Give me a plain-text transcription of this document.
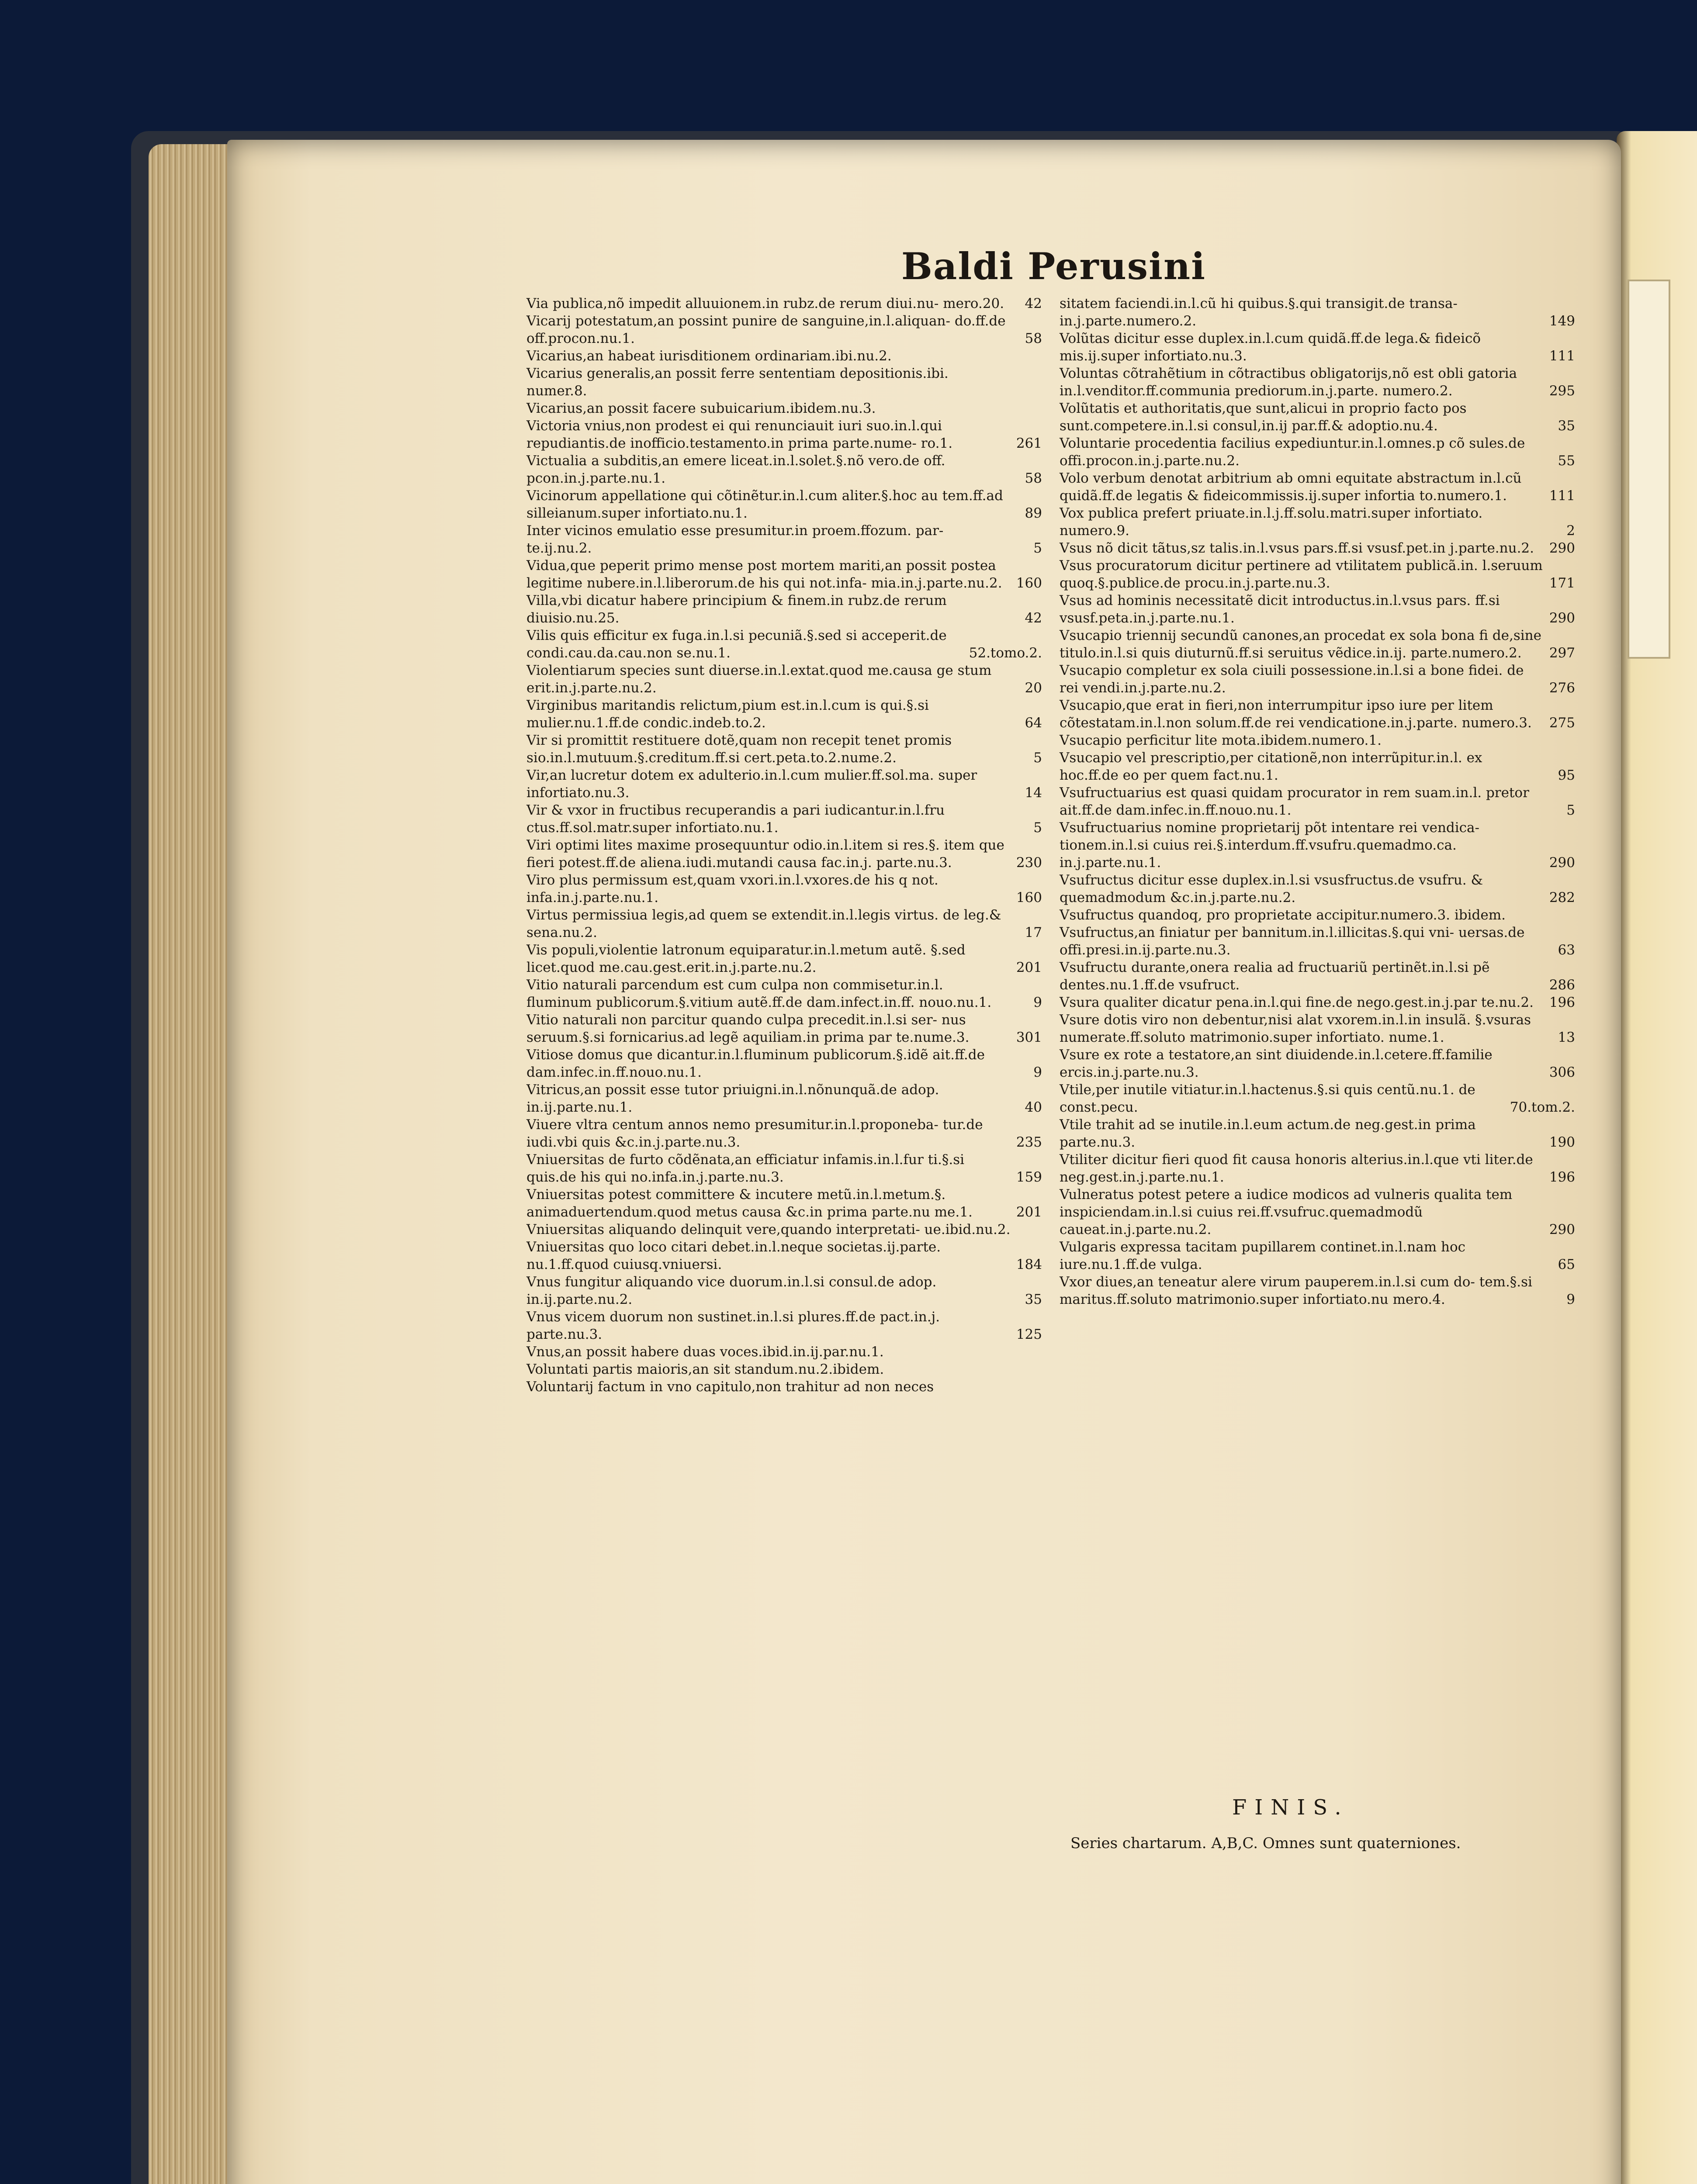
Baldi Perusini
Via publica,nõ impedit alluuionem.in rubz.de rerum diui.nu- mero.20. 42
Vicarij potestatum,an possint punire de sanguine,in.l.aliquan- do.ff.de off.procon.nu.1.	58
Vicarius,an habeat iurisditionem ordinariam.ibi.nu.2.
Vicarius generalis,an possit ferre sententiam depositionis.ibi. numer.8.
Vicarius,an possit facere subuicarium.ibidem.nu.3.
Victoria vnius,non prodest ei qui renunciauit iuri suo.in.l.qui repudiantis.de inofficio.testamento.in prima parte.nume- ro.1.	261
Victualia a subditis,an emere liceat.in.l.solet.§.nõ vero.de off. pcon.in.j.parte.nu.1.	58
Vicinorum appellatione qui cõtinẽtur.in.l.cum aliter.§.hoc au tem.ff.ad silleianum.super infortiato.nu.1.	89
Inter vicinos emulatio esse presumitur.in proem.ffozum. par- te.ij.nu.2.	5
Vidua,que peperit primo mense post mortem mariti,an possit postea legitime nubere.in.l.liberorum.de his qui not.infa- mia.in.j.parte.nu.2. 160
Villa,vbi dicatur habere principium & finem.in rubz.de rerum diuisio.nu.25.	42
Vilis quis efficitur ex fuga.in.l.si pecuniã.§.sed si acceperit.de condi.cau.da.cau.non se.nu.1.	52.tomo.2.
Violentiarum species sunt diuerse.in.l.extat.quod me.causa ge stum erit.in.j.parte.nu.2.	20
Virginibus maritandis relictum,pium est.in.l.cum is qui.§.si mulier.nu.1.ff.de condic.indeb.to.2.	64
Vir si promittit restituere dotẽ,quam non recepit tenet promis sio.in.l.mutuum.§.creditum.ff.si cert.peta.to.2.nume.2.	5
Vir,an lucretur dotem ex adulterio.in.l.cum mulier.ff.sol.ma. super infortiato.nu.3.	14
Vir & vxor in fructibus recuperandis a pari iudicantur.in.l.fru ctus.ff.sol.matr.super infortiato.nu.1.	5
Viri optimi lites maxime prosequuntur odio.in.l.item si res.§. item que fieri potest.ff.de aliena.iudi.mutandi causa fac.in.j. parte.nu.3.	230
Viro plus permissum est,quam vxori.in.l.vxores.de his q not. infa.in.j.parte.nu.1.	160
Virtus permissiua legis,ad quem se extendit.in.l.legis virtus. de leg.& sena.nu.2.	17
Vis populi,violentie latronum equiparatur.in.l.metum autẽ. §.sed licet.quod me.cau.gest.erit.in.j.parte.nu.2.	201
Vitio naturali parcendum est cum culpa non commisetur.in.l. fluminum publicorum.§.vitium autẽ.ff.de dam.infect.in.ff. nouo.nu.1.	9
Vitio naturali non parcitur quando culpa precedit.in.l.si ser- nus seruum.§.si fornicarius.ad legẽ aquiliam.in prima par te.nume.3.	301
Vitiose domus que dicantur.in.l.fluminum publicorum.§.idẽ ait.ff.de dam.infec.in.ff.nouo.nu.1.	9
Vitricus,an possit esse tutor priuigni.in.l.nõnunquã.de adop. in.ij.parte.nu.1.	40
Viuere vltra centum annos nemo presumitur.in.l.proponeba- tur.de iudi.vbi quis &c.in.j.parte.nu.3.	235
Vniuersitas de furto cõdẽnata,an efficiatur infamis.in.l.fur ti.§.si quis.de his qui no.infa.in.j.parte.nu.3.	159
Vniuersitas potest committere & incutere metũ.in.l.metum.§. animaduertendum.quod metus causa &c.in prima parte.nu me.1.	201
Vniuersitas aliquando delinquit vere,quando interpretati- ue.ibid.nu.2.
Vniuersitas quo loco citari debet.in.l.neque societas.ij.parte. nu.1.ff.quod cuiusq.vniuersi.	184
Vnus fungitur aliquando vice duorum.in.l.si consul.de adop. in.ij.parte.nu.2.	35
Vnus vicem duorum non sustinet.in.l.si plures.ff.de pact.in.j. parte.nu.3.	125
Vnus,an possit habere duas voces.ibid.in.ij.par.nu.1.
Voluntati partis maioris,an sit standum.nu.2.ibidem.
Voluntarij factum in vno capitulo,non trahitur ad non neces
sitatem faciendi.in.l.cũ hi quibus.§.qui transigit.de transa- in.j.parte.numero.2.	149
Volũtas dicitur esse duplex.in.l.cum quidã.ff.de lega.& fideicõ mis.ij.super infortiato.nu.3.	111
Voluntas cõtrahẽtium in cõtractibus obligatorijs,nõ est obli gatoria in.l.venditor.ff.communia prediorum.in.j.parte. numero.2.	295
Volũtatis et authoritatis,que sunt,alicui in proprio facto pos sunt.competere.in.l.si consul,in.ij par.ff.& adoptio.nu.4.	35
Voluntarie procedentia facilius expediuntur.in.l.omnes.p cõ sules.de offi.procon.in.j.parte.nu.2.	55
Volo verbum denotat arbitrium ab omni equitate abstractum in.l.cũ quidã.ff.de legatis & fideicommissis.ij.super infortia to.numero.1.	111
Vox publica prefert priuate.in.l.j.ff.solu.matri.super infortiato. numero.9.	2
Vsus nõ dicit tãtus,sz talis.in.l.vsus pars.ff.si vsusf.pet.in j.parte.nu.2. 290
Vsus procuratorum dicitur pertinere ad vtilitatem publicã.in. l.seruum quoq.§.publice.de procu.in.j.parte.nu.3.	171
Vsus ad hominis necessitatẽ dicit introductus.in.l.vsus pars. ff.si vsusf.peta.in.j.parte.nu.1.	290
Vsucapio triennij secundũ canones,an procedat ex sola bona fi de,sine titulo.in.l.si quis diuturnũ.ff.si seruitus vẽdice.in.ij. parte.numero.2. 297
Vsucapio completur ex sola ciuili possessione.in.l.si a bone fidei. de rei vendi.in.j.parte.nu.2.	276
Vsucapio,que erat in fieri,non interrumpitur ipso iure per litem cõtestatam.in.l.non solum.ff.de rei vendicatione.in.j.parte. numero.3. 275
Vsucapio perficitur lite mota.ibidem.numero.1.
Vsucapio vel prescriptio,per citationẽ,non interrũpitur.in.l. ex hoc.ff.de eo per quem fact.nu.1.	95
Vsufructuarius est quasi quidam procurator in rem suam.in.l. pretor ait.ff.de dam.infec.in.ff.nouo.nu.1.	5
Vsufructuarius nomine proprietarij põt intentare rei vendica- tionem.in.l.si cuius rei.§.interdum.ff.vsufru.quemadmo.ca. in.j.parte.nu.1.	290
Vsufructus dicitur esse duplex.in.l.si vsusfructus.de vsufru. & quemadmodum &c.in.j.parte.nu.2.	282
Vsufructus quandoq, pro proprietate accipitur.numero.3. ibidem.
Vsufructus,an finiatur per bannitum.in.l.illicitas.§.qui vni- uersas.de offi.presi.in.ij.parte.nu.3.	63
Vsufructu durante,onera realia ad fructuariũ pertinẽt.in.l.si pẽ dentes.nu.1.ff.de vsufruct.	286
Vsura qualiter dicatur pena.in.l.qui fine.de nego.gest.in.j.par te.nu.2. 196
Vsure dotis viro non debentur,nisi alat vxorem.in.l.in insulã. §.vsuras numerate.ff.soluto matrimonio.super infortiato. nume.1.	13
Vsure ex rote a testatore,an sint diuidende.in.l.cetere.ff.familie ercis.in.j.parte.nu.3.	306
Vtile,per inutile vitiatur.in.l.hactenus.§.si quis centũ.nu.1. de const.pecu.	70.tom.2.
Vtile trahit ad se inutile.in.l.eum actum.de neg.gest.in prima parte.nu.3.	190
Vtiliter dicitur fieri quod fit causa honoris alterius.in.l.que vti liter.de neg.gest.in.j.parte.nu.1.	196
Vulneratus potest petere a iudice modicos ad vulneris qualita tem inspiciendam.in.l.si cuius rei.ff.vsufruc.quemadmodũ caueat.in.j.parte.nu.2.	290
Vulgaris expressa tacitam pupillarem continet.in.l.nam hoc iure.nu.1.ff.de vulga.	65
Vxor diues,an teneatur alere virum pauperem.in.l.si cum do- tem.§.si maritus.ff.soluto matrimonio.super infortiato.nu mero.4.	9
FINIS.
Series chartarum. A,B,C. Omnes sunt quaterniones.
